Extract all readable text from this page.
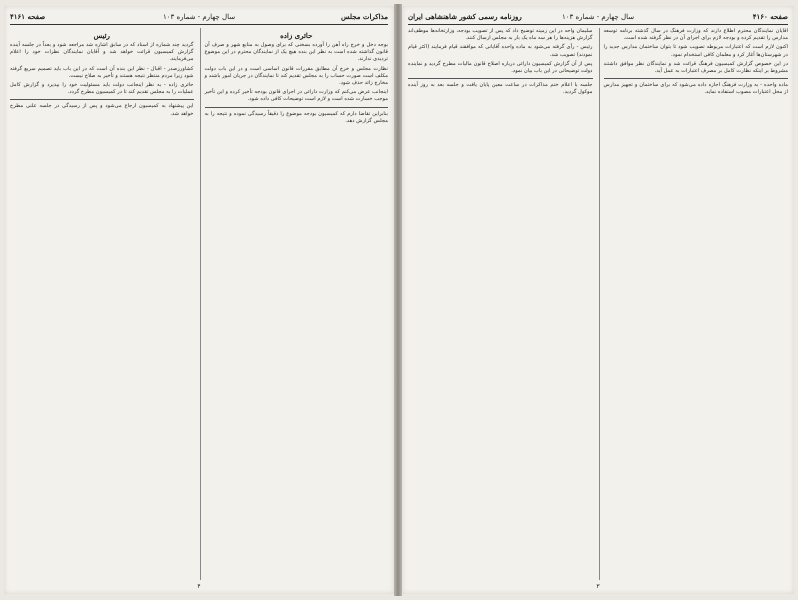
مذاکرات مجلس
سال چهارم - شماره ۱۰۳
صفحه ۴۱۶۱
حائری زاده

بوجه دخل و خرج راه آهن را آورده بسخنی که برای وصول به منابع شهر و صرف آن قانون گذاشته شده است به نظر این بنده هیچ یک از نمایندگان محترم در این موضوع تردیدی ندارند.

نظارت مجلس و خرج آن مطابق مقررات قانون اساسی است و در این باب دولت مکلف است صورت حساب را به مجلس تقدیم کند تا نمایندگان در جریان امور باشند و مخارج زائد حذف شود.

اینجانب عرض می‌کنم که وزارت دارائی در اجرای قانون بودجه تأخیر کرده و این تأخیر موجب خسارت شده است و لازم است توضیحات کافی داده شود.

بنابراین تقاضا دارم که کمیسیون بودجه موضوع را دقیقاً رسیدگی نموده و نتیجه را به مجلس گزارش دهد.

رئیس

گردید چند شماره از اسناد که در سابق اشاره شد مراجعه شود و بعداً در جلسه آینده گزارش کمیسیون قرائت خواهد شد و آقایان نمایندگان نظرات خود را اعلام می‌فرمایند.

کشاورزصدر - اقبال - نظر این بنده آن است که در این باب باید تصمیم سریع گرفته شود زیرا مردم منتظر نتیجه هستند و تأخیر به صلاح نیست.

حائری زاده - به نظر اینجانب دولت باید مسئولیت خود را بپذیرد و گزارش کامل عملیات را به مجلس تقدیم کند تا در کمیسیون مطرح گردد.

این پیشنهاد به کمیسیون ارجاع می‌شود و پس از رسیدگی در جلسه علنی مطرح خواهد شد.

۴
صفحه ۴۱۶۰
سال چهارم - شماره ۱۰۳
روزنامه رسمی کشور شاهنشاهی ایران

آقایان نمایندگان محترم اطلاع دارند که وزارت فرهنگ در سال گذشته برنامه توسعه مدارس را تقدیم کرده و بودجه لازم برای اجرای آن در نظر گرفته شده است.

اکنون لازم است که اعتبارات مربوطه تصویب شود تا بتوان ساختمان مدارس جدید را در شهرستان‌ها آغاز کرد و معلمان کافی استخدام نمود.

در این خصوص گزارش کمیسیون فرهنگ قرائت شد و نمایندگان نظر موافق داشتند مشروط بر اینکه نظارت کامل بر مصرف اعتبارات به عمل آید.

ماده واحده - به وزارت فرهنگ اجازه داده می‌شود که برای ساختمان و تجهیز مدارس از محل اعتبارات مصوب استفاده نماید.

سلیمان واحه در این زمینه توضیح داد که پس از تصویب بودجه، وزارتخانه‌ها موظف‌اند گزارش هزینه‌ها را هر سه ماه یک بار به مجلس ارسال کنند.

رئیس - رأی گرفته می‌شود به ماده واحده آقایانی که موافقند قیام فرمایند (اکثر قیام نمودند) تصویب شد.

پس از آن گزارش کمیسیون دارائی درباره اصلاح قانون مالیات مطرح گردید و نماینده دولت توضیحاتی در این باب بیان نمود.

جلسه با اعلام ختم مذاکرات در ساعت معین پایان یافت و جلسه بعد به روز آینده موکول گردید.

۳
